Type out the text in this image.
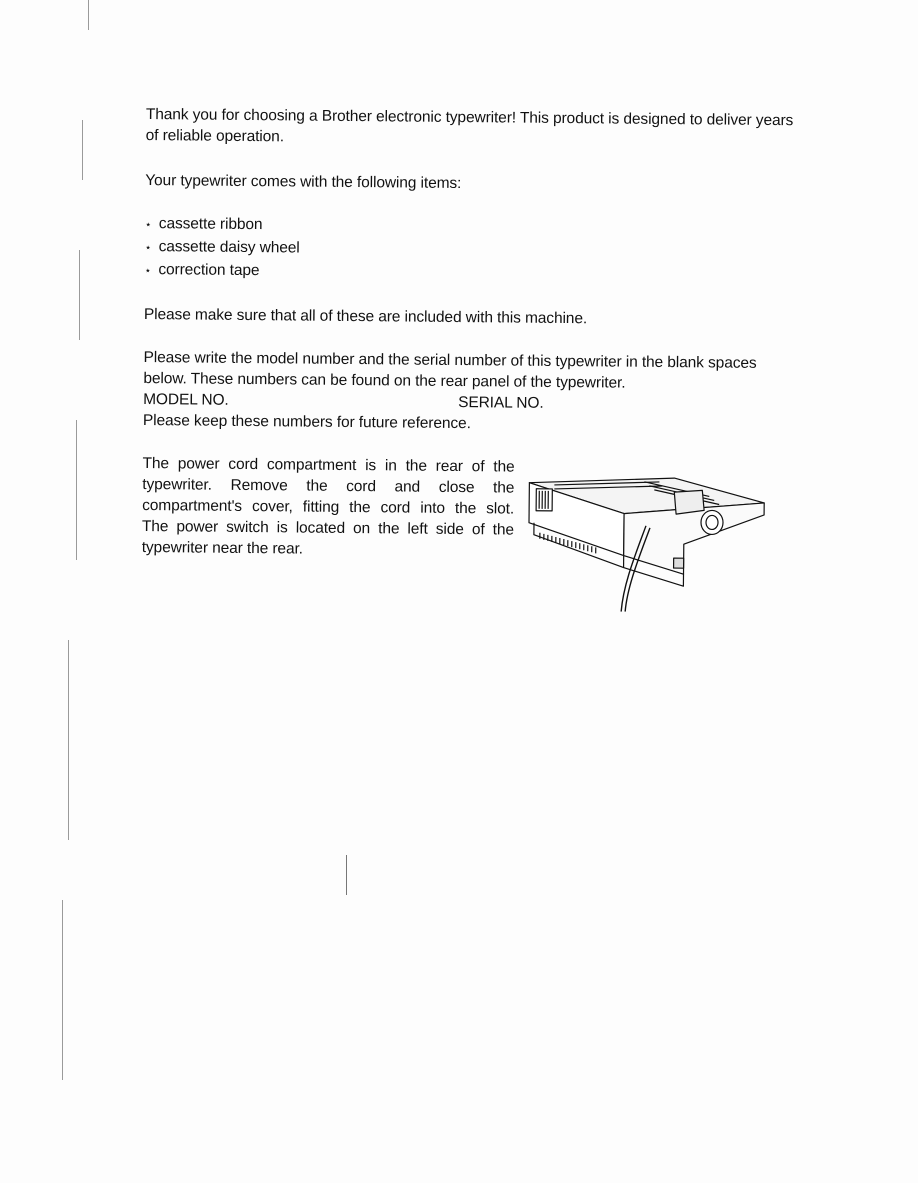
Thank you for choosing a Brother electronic typewriter! This product is designed to deliver years of reliable operation.

Your typewriter comes with the following items:

⋆ cassette ribbon
⋆ cassette daisy wheel
⋆ correction tape

Please make sure that all of these are included with this machine.

Please write the model number and the serial number of this typewriter in the blank spaces below. These numbers can be found on the rear panel of the typewriter.

MODEL NO.	SERIAL NO.

Please keep these numbers for future reference.

The power cord compartment is in the rear of the
typewriter. Remove the cord and close the
compartment's cover, fitting the cord into the slot.
The power switch is located on the left side of the
typewriter near the rear.
